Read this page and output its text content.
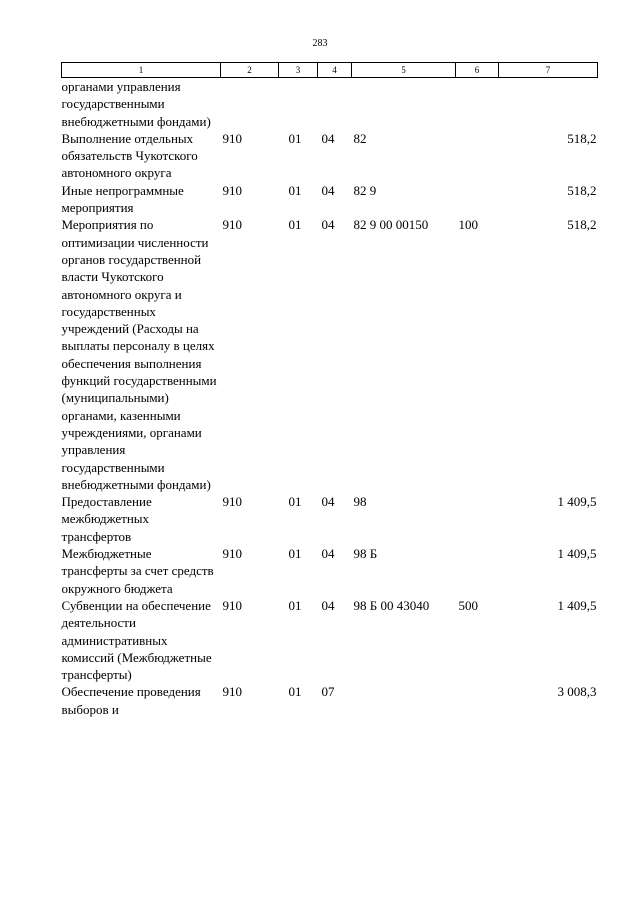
283
1	2	3	4	5	6	7
органами управления государственными внебюджетными фондами)						
Выполнение отдельных обязательств Чукотского автономного округа	910	01	04	82		518,2
Иные непрограммные мероприятия	910	01	04	82 9		518,2
Мероприятия по оптимизации численности органов государственной власти Чукотского автономного округа и государственных учреждений (Расходы на выплаты персоналу в целях обеспечения выполнения функций государственными (муниципальными) органами, казенными учреждениями, органами управления государственными внебюджетными фондами)	910	01	04	82 9 00 00150	100	518,2
Предоставление межбюджетных трансфертов	910	01	04	98		1 409,5
Межбюджетные трансферты за счет средств окружного бюджета	910	01	04	98 Б		1 409,5
Субвенции на обеспечение деятельности административных комиссий (Межбюджетные трансферты)	910	01	04	98 Б 00 43040	500	1 409,5
Обеспечение проведения выборов и	910	01	07			3 008,3
